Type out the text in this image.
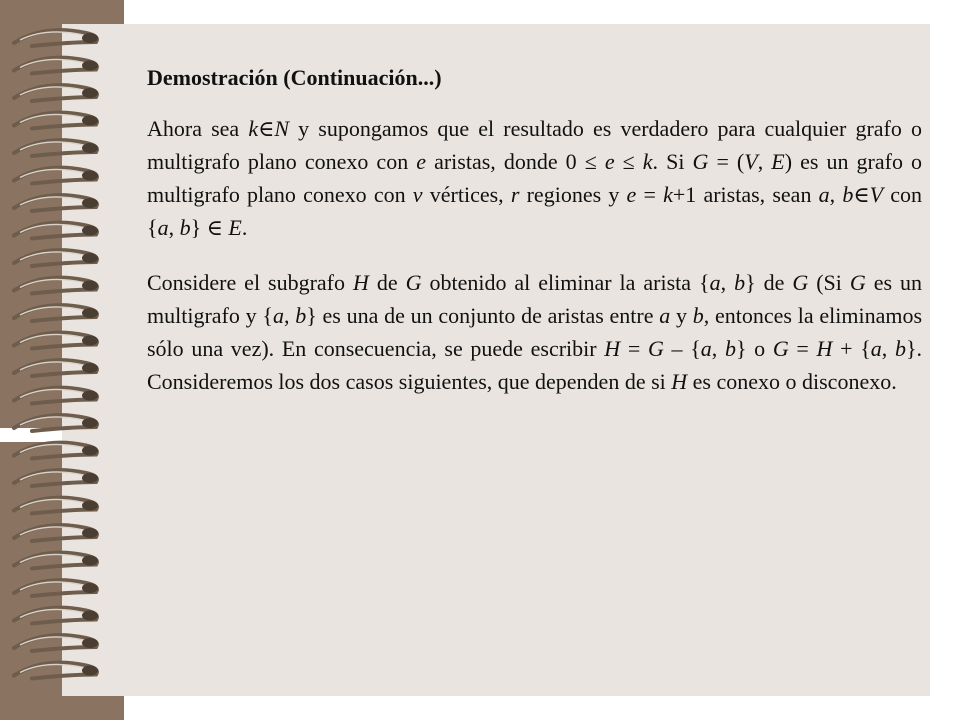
Demostración (Continuación...)

Ahora sea k∈N y supongamos que el resultado es verdadero para cualquier grafo o multigrafo plano conexo con e aristas, donde 0 ≤ e ≤ k. Si G = (V, E) es un grafo o multigrafo plano conexo con v vértices, r regiones y e = k+1 aristas, sean a, b∈V con {a, b} ∈ E.

Considere el subgrafo H de G obtenido al eliminar la arista {a, b} de G (Si G es un multigrafo y {a, b} es una de un conjunto de aristas entre a y b, entonces la eliminamos sólo una vez). En consecuencia, se puede escribir H = G – {a, b} o G = H + {a, b}. Consideremos los dos casos siguientes, que dependen de si H es conexo o disconexo.
